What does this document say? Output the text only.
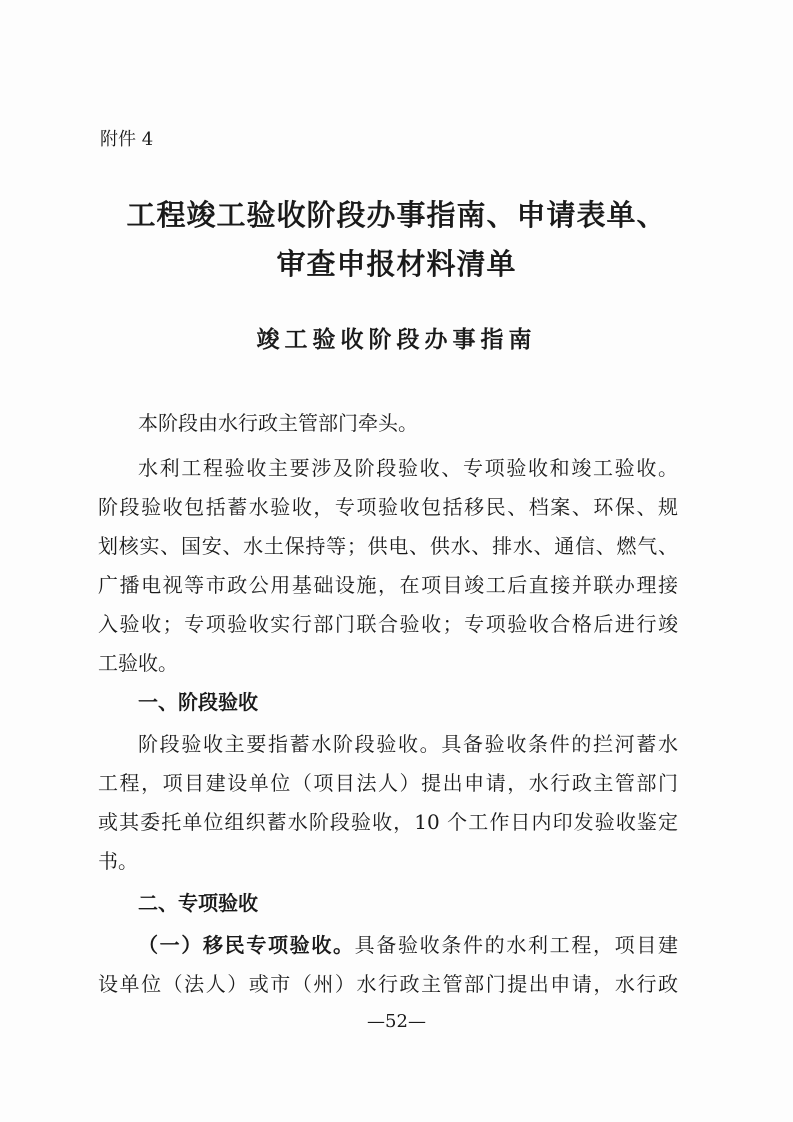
附件 4
工程竣工验收阶段办事指南、申请表单、
审查申报材料清单
竣工验收阶段办事指南
本阶段由水行政主管部门牵头。
水利工程验收主要涉及阶段验收、专项验收和竣工验收。
阶段验收包括蓄水验收，专项验收包括移民、档案、环保、规
划核实、国安、水土保持等；供电、供水、排水、通信、燃气、
广播电视等市政公用基础设施，在项目竣工后直接并联办理接
入验收；专项验收实行部门联合验收；专项验收合格后进行竣
工验收。
一、阶段验收
阶段验收主要指蓄水阶段验收。具备验收条件的拦河蓄水
工程，项目建设单位（项目法人）提出申请，水行政主管部门
或其委托单位组织蓄水阶段验收，10 个工作日内印发验收鉴定
书。
二、专项验收
（一）移民专项验收。具备验收条件的水利工程，项目建
设单位（法人）或市（州）水行政主管部门提出申请，水行政
—52—
